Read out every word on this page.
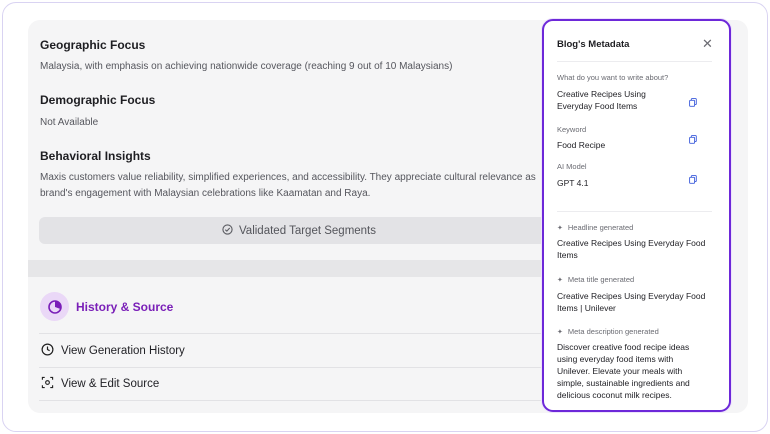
Geographic Focus
Malaysia, with emphasis on achieving nationwide coverage (reaching 9 out of 10 Malaysians)
Demographic Focus
Not Available
Behavioral Insights
Maxis customers value reliability, simplified experiences, and accessibility. They appreciate cultural relevance as
brand's engagement with Malaysian celebrations like Kaamatan and Raya.
Validated Target Segments
History & Source
View Generation History
View & Edit Source
Blog's Metadata	✕
What do you want to write about?
Creative Recipes Using Everyday Food Items
Keyword
Food Recipe
AI Model
GPT 4.1
✦ Headline generated
Creative Recipes Using Everyday Food Items
✦ Meta title generated
Creative Recipes Using Everyday Food Items | Unilever
✦ Meta description generated
Discover creative food recipe ideas using everyday food items with Unilever. Elevate your meals with simple, sustainable ingredients and delicious coconut milk recipes.
